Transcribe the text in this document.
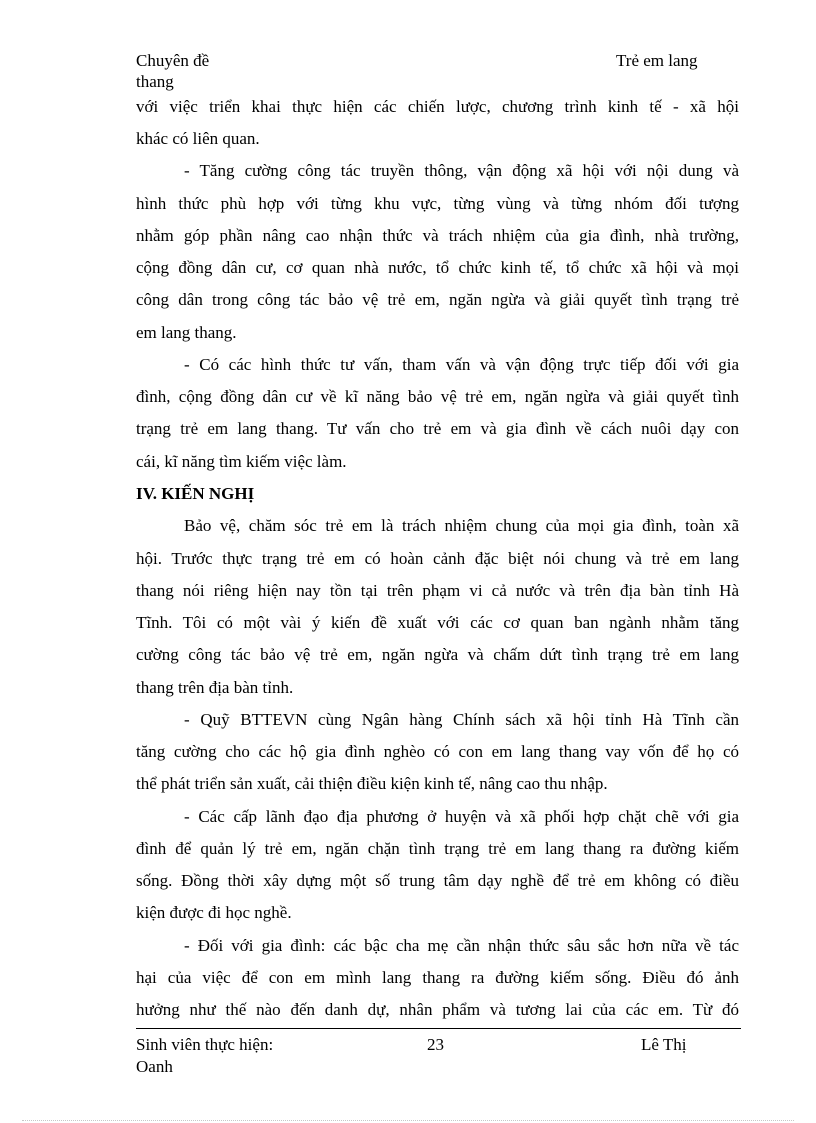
Chuyên đề	Trẻ em lang
thang
với việc triển khai thực hiện các chiến lược, chương trình kinh tế - xã hội
khác có liên quan.
- Tăng cường công tác truyền thông, vận động xã hội với nội dung và
hình thức phù hợp với từng khu vực, từng vùng và từng nhóm đối tượng
nhằm góp phần nâng cao nhận thức và trách nhiệm của gia đình, nhà trường,
cộng đồng dân cư, cơ quan nhà nước, tổ chức kinh tế, tổ chức xã hội và mọi
công dân trong công tác bảo vệ trẻ em, ngăn ngừa và giải quyết tình trạng trẻ
em lang thang.
- Có các hình thức tư vấn, tham vấn và vận động trực tiếp đối với gia
đình, cộng đồng dân cư về kĩ năng bảo vệ trẻ em, ngăn ngừa và giải quyết tình
trạng trẻ em lang thang. Tư vấn cho trẻ em và gia đình về cách nuôi dạy con
cái, kĩ năng tìm kiếm việc làm.
IV. KIẾN NGHỊ
Bảo vệ, chăm sóc trẻ em là trách nhiệm chung của mọi gia đình, toàn xã
hội. Trước thực trạng trẻ em có hoàn cảnh đặc biệt nói chung và trẻ em lang
thang nói riêng hiện nay tồn tại trên phạm vi cả nước và trên địa bàn tỉnh Hà
Tĩnh. Tôi có một vài ý kiến đề xuất với các cơ quan ban ngành nhằm tăng
cường công tác bảo vệ trẻ em, ngăn ngừa và chấm dứt tình trạng trẻ em lang
thang trên địa bàn tỉnh.
- Quỹ BTTEVN cùng Ngân hàng Chính sách xã hội tỉnh Hà Tĩnh cần
tăng cường cho các hộ gia đình nghèo có con em lang thang vay vốn để họ có
thể phát triển sản xuất, cải thiện điều kiện kinh tế, nâng cao thu nhập.
- Các cấp lãnh đạo địa phương ở huyện và xã phối hợp chặt chẽ với gia
đình để quản lý trẻ em, ngăn chặn tình trạng trẻ em lang thang ra đường kiếm
sống. Đồng thời xây dựng một số trung tâm dạy nghề để trẻ em không có điều
kiện được đi học nghề.
- Đối với gia đình: các bậc cha mẹ cần nhận thức sâu sắc hơn nữa về tác
hại của việc để con em mình lang thang ra đường kiếm sống. Điều đó ảnh
hưởng như thế nào đến danh dự, nhân phẩm và tương lai của các em. Từ đó
Sinh viên thực hiện:	23	Lê Thị
Oanh
